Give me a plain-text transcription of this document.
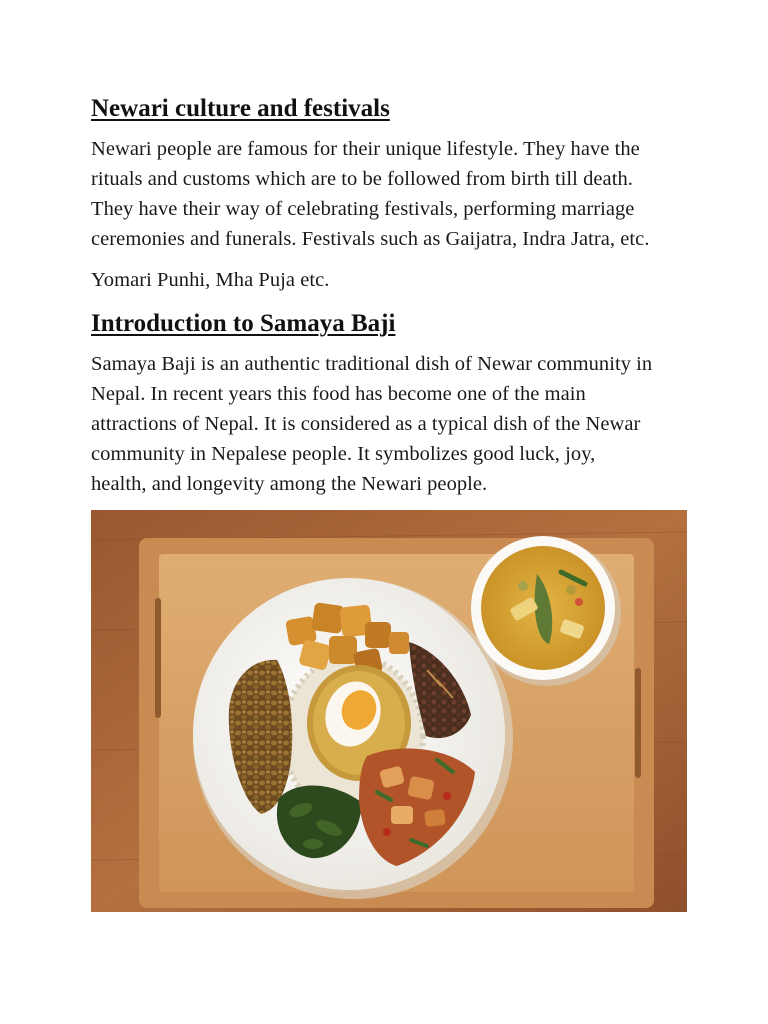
Newari culture and festivals

Newari people are famous for their unique lifestyle. They have the
rituals and customs which are to be followed from birth till death.
They have their way of celebrating festivals, performing marriage
ceremonies and funerals. Festivals such as Gaijatra, Indra Jatra, etc.

Yomari Punhi, Mha Puja etc.

Introduction to Samaya Baji

Samaya Baji is an authentic traditional dish of Newar community in
Nepal. In recent years this food has become one of the main
attractions of Nepal. It is considered as a typical dish of the Newar
community in Nepalese people. It symbolizes good luck, joy,
health, and longevity among the Newari people.
